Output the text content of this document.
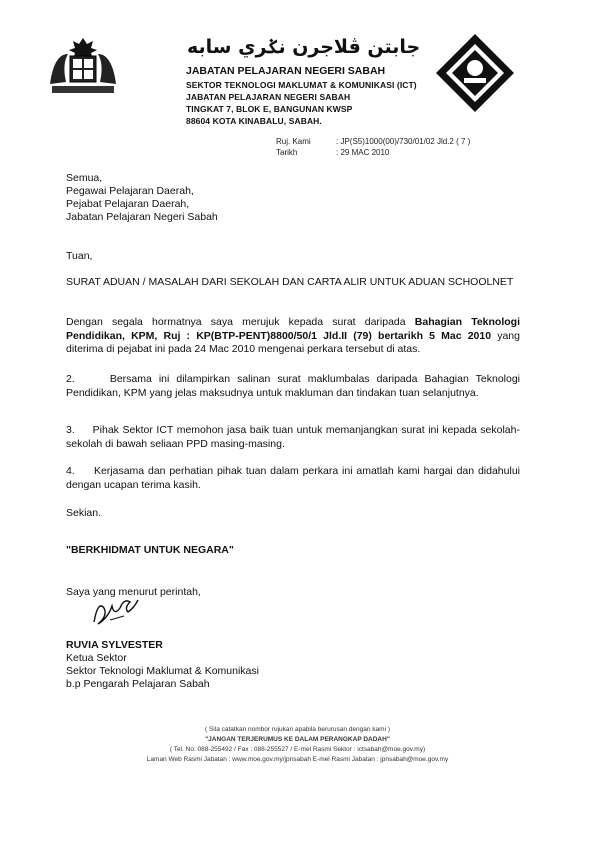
جابتن ڤلاجرن نݢري سابه
JABATAN PELAJARAN NEGERI SABAH
SEKTOR TEKNOLOGI MAKLUMAT & KOMUNIKASI (ICT)
JABATAN PELAJARAN NEGERI SABAH
TINGKAT 7, BLOK E, BANGUNAN KWSP
88604 KOTA KINABALU, SABAH.
Ruj. Kami	: JP(S5)1000(00)/730/01/02 Jld.2 ( 7 )
Tarikh	: 29 MAC 2010
Semua,
Pegawai Pelajaran Daerah,
Pejabat Pelajaran Daerah,
Jabatan Pelajaran Negeri Sabah
Tuan,
SURAT ADUAN / MASALAH DARI SEKOLAH DAN CARTA ALIR UNTUK ADUAN SCHOOLNET
Dengan segala hormatnya saya merujuk kepada surat daripada Bahagian Teknologi Pendidikan, KPM, Ruj : KP(BTP-PENT)8800/50/1 Jld.II (79) bertarikh 5 Mac 2010 yang diterima di pejabat ini pada 24 Mac 2010 mengenai perkara tersebut di atas.
2.	Bersama ini dilampirkan salinan surat maklumbalas daripada Bahagian Teknologi Pendidikan, KPM yang jelas maksudnya untuk makluman dan tindakan tuan selanjutnya.
3. Pihak Sektor ICT memohon jasa baik tuan untuk memanjangkan surat ini kepada sekolah-sekolah di bawah seliaan PPD masing-masing.
4. Kerjasama dan perhatian pihak tuan dalam perkara ini amatlah kami hargai dan didahului dengan ucapan terima kasih.
Sekian.
"BERKHIDMAT UNTUK NEGARA"
Saya yang menurut perintah,
RUVIA SYLVESTER
Ketua Sektor
Sektor Teknologi Maklumat & Komunikasi
b.p Pengarah Pelajaran Sabah
( Sila catatkan nombor rujukan apabila berurusan dengan kami )
"JANGAN TERJERUMUS KE DALAM PERANGKAP DADAH"
( Tel. No: 088-255492 / Fax : 088-255527 / E-mel Rasmi Sektor : ictsabah@moe.gov.my)
Laman Web Rasmi Jabatan : www.moe.gov.my/jpnsabah E-mel Rasmi Jabatan : jpnsabah@moe.gov.my
